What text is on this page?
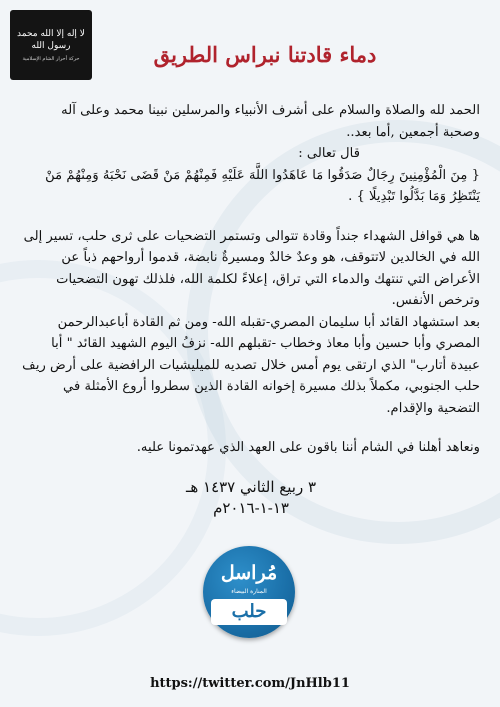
لا إله إلا الله محمد رسول الله
حركة أحرار الشام الإسلامية	دماء قادتنا نبراس الطريق

الحمد لله والصلاة والسلام على أشرف الأنبياء والمرسلين نبينا محمد وعلى آله وصحبة أجمعين ,أما بعد..

قال تعالى :

{ مِنَ الْمُؤْمِنِينَ رِجَالٌ صَدَقُوا مَا عَاهَدُوا اللَّهَ عَلَيْهِ فَمِنْهُمْ مَنْ قَضَى نَحْبَهُ وَمِنْهُمْ مَنْ يَنْتَظِرُ وَمَا بَدَّلُوا تَبْدِيلًا } .

ها هي قوافل الشهداء جنداً وقادة تتوالى وتستمر التضحيات على ثرى حلب، تسير إلى الله في الخالدين لاتتوقف، هو وعدٌ خالدٌ ومسيرةٌ نابضة، قدموا أرواحهم ذباً عن الأعراض التي تنتهك والدماء التي تراق، إعلاءً لكلمة الله، فلذلك تهون التضحيات وترخص الأنفس.

بعد استشهاد القائد أبا سليمان المصري-تقبله الله- ومن ثم القادة أباعبدالرحمن المصري وأبا حسين وأبا معاذ وخطاب -تقبلهم الله- نزفُ اليوم الشهيد القائد " أبا عبيدة أتارب" الذي ارتقى يوم أمس خلال تصديه للميليشيات الرافضية على أرض ريف حلب الجنوبي، مكملاً بذلك مسيرة إخوانه القادة الذين سطروا أروع الأمثلة في التضحية والإقدام.

ونعاهد أهلنا في الشام أننا باقون على العهد الذي عهدتمونا عليه.

٣ ربيع الثاني ١٤٣٧ هـ

١٣-١-٢٠١٦م

مُراسل
المنارة البيضاء
حلب
https://twitter.com/JnHlb11
